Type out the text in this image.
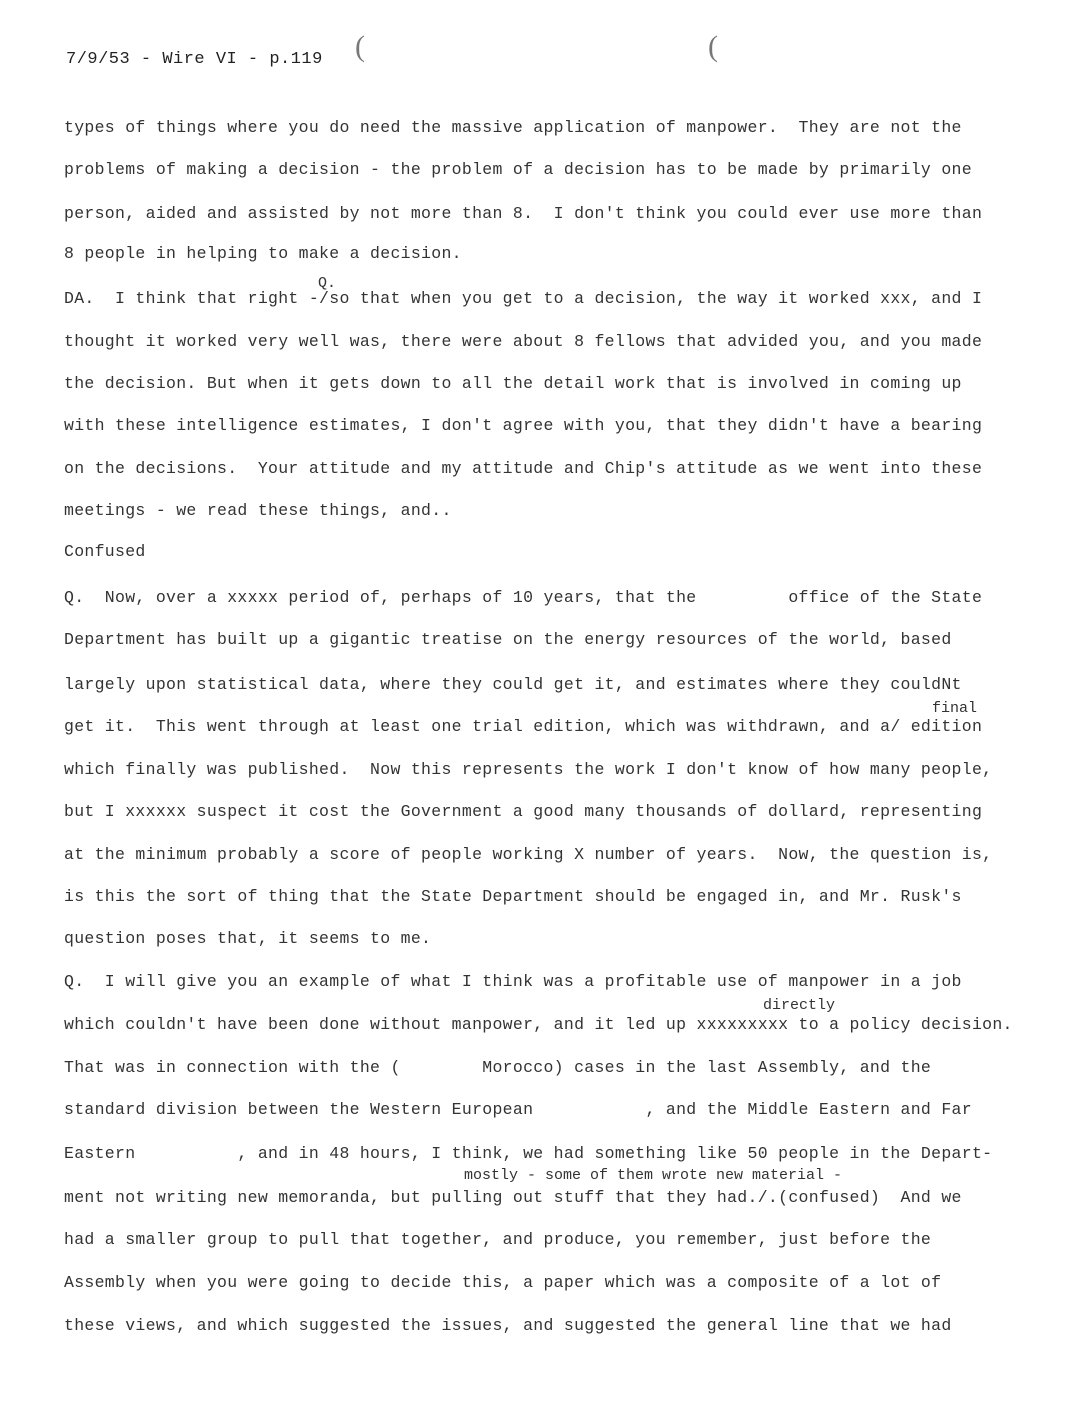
7/9/53 - Wire VI - p.119 (	(
Q.
final
directly
mostly - some of them wrote new material -
types of things where you do need the massive application of manpower.  They are not the
problems of making a decision - the problem of a decision has to be made by primarily one
person, aided and assisted by not more than 8.  I don't think you could ever use more than
8 people in helping to make a decision.
DA.  I think that right -/so that when you get to a decision, the way it worked xxx, and I
thought it worked very well was, there were about 8 fellows that advided you, and you made
the decision. But when it gets down to all the detail work that is involved in coming up
with these intelligence estimates, I don't agree with you, that they didn't have a bearing
on the decisions.  Your attitude and my attitude and Chip's attitude as we went into these
meetings - we read these things, and..
Confused
Q.  Now, over a xxxxx period of, perhaps of 10 years, that the         office of the State
Department has built up a gigantic treatise on the energy resources of the world, based
largely upon statistical data, where they could get it, and estimates where they couldNt
get it.  This went through at least one trial edition, which was withdrawn, and a/ edition
which finally was published.  Now this represents the work I don't know of how many people,
but I xxxxxx suspect it cost the Government a good many thousands of dollard, representing
at the minimum probably a score of people working X number of years.  Now, the question is,
is this the sort of thing that the State Department should be engaged in, and Mr. Rusk's
question poses that, it seems to me.
Q.  I will give you an example of what I think was a profitable use of manpower in a job
which couldn't have been done without manpower, and it led up xxxxxxxxx to a policy decision.
That was in connection with the (        Morocco) cases in the last Assembly, and the
standard division between the Western European           , and the Middle Eastern and Far
Eastern          , and in 48 hours, I think, we had something like 50 people in the Depart-
ment not writing new memoranda, but pulling out stuff that they had./.(confused)  And we
had a smaller group to pull that together, and produce, you remember, just before the
Assembly when you were going to decide this, a paper which was a composite of a lot of
these views, and which suggested the issues, and suggested the general line that we had
